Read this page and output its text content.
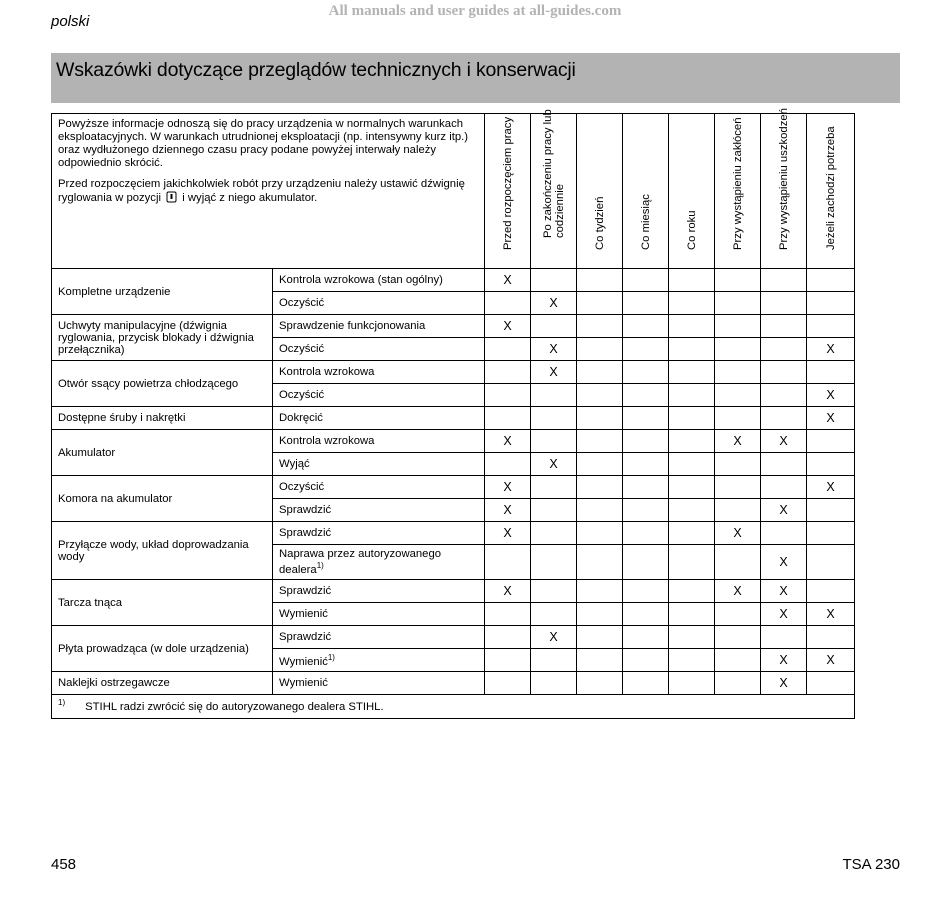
All manuals and user guides at all-guides.com
polski
Wskazówki dotyczące przeglądów technicznych i konserwacji

Powyższe informacje odnoszą się do pracy urządzenia w normalnych warunkach eksploatacyjnych. W warunkach utrudnionej eksploatacji (np. intensywny kurz itp.) oraz wydłużonego dziennego czasu pracy podane powyżej interwały należy odpowiednio skrócić.

Przed rozpoczęciem jakichkolwiek robót przy urządzeniu należy ustawić dźwignię ryglowania w pozycji i wyjąć z niego akumulator.		Przed rozpoczęciem pracy	Po zakończeniu pracy lub codziennie	Co tydzień	Co miesiąc	Co roku	Przy wystąpieniu zakłóceń	Przy wystąpieniu uszkodzeń	Jeżeli zachodzi potrzeba

Kompletne urządzenie	Kontrola wzrokowa (stan ogólny)	X							
	Oczyścić		X						
Uchwyty manipulacyjne (dźwignia ryglowania, przycisk blokady i dźwignia przełącznika)	Sprawdzenie funkcjonowania	X							
	Oczyścić		X						X
Otwór ssący powietrza chłodzącego	Kontrola wzrokowa		X						
	Oczyścić								X
Dostępne śruby i nakrętki	Dokręcić								X
Akumulator	Kontrola wzrokowa	X					X	X	
	Wyjąć		X						
Komora na akumulator	Oczyścić	X							X
	Sprawdzić	X						X	
Przyłącze wody, układ doprowadzania wody	Sprawdzić	X					X		
	Naprawa przez autoryzowanego dealera$^{1)}$							X	
Tarcza tnąca	Sprawdzić	X					X	X	
	Wymienić							X	X
Płyta prowadząca (w dole urządzenia)	Sprawdzić		X						
	Wymienić$^{1)}$							X	X
Naklejki ostrzegawcze	Wymienić							X	
$^{1)}$ STIHL radzi zwrócić się do autoryzowanego dealera STIHL.									
458	TSA 230
